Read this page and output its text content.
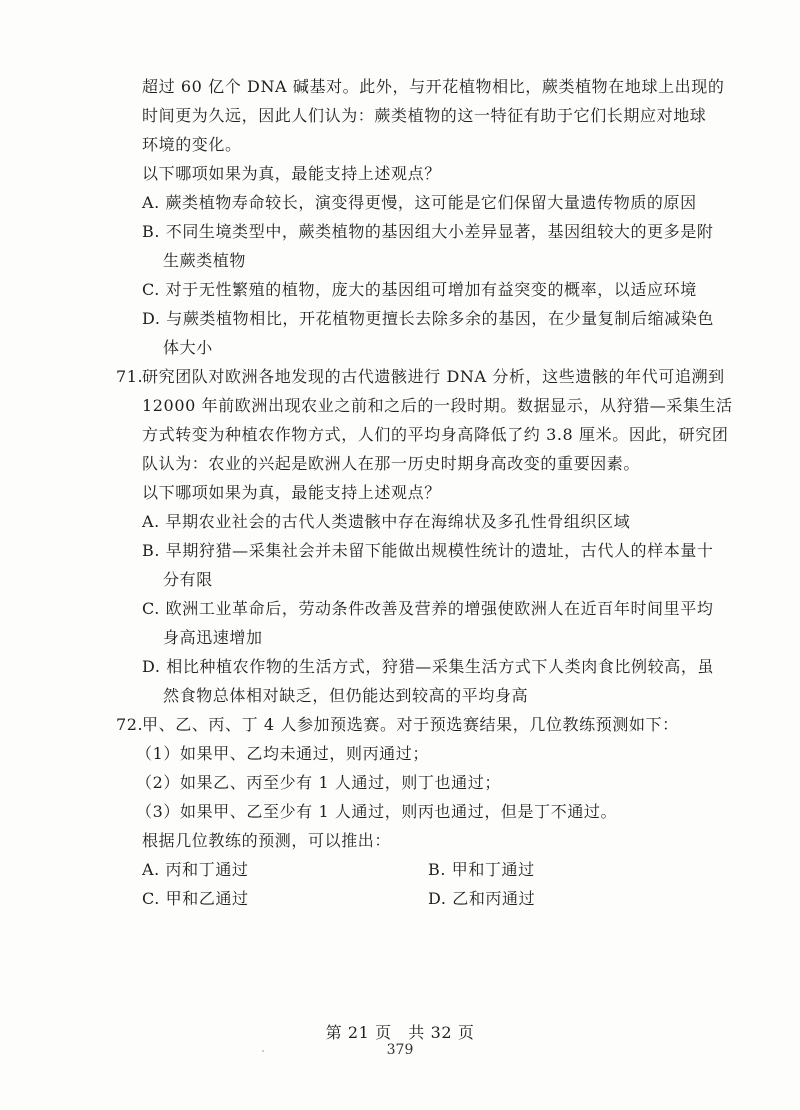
超过 60 亿个 DNA 碱基对。此外，与开花植物相比，蕨类植物在地球上出现的
时间更为久远，因此人们认为：蕨类植物的这一特征有助于它们长期应对地球
环境的变化。
以下哪项如果为真，最能支持上述观点？
A. 蕨类植物寿命较长，演变得更慢，这可能是它们保留大量遗传物质的原因
B. 不同生境类型中，蕨类植物的基因组大小差异显著，基因组较大的更多是附
生蕨类植物
C. 对于无性繁殖的植物，庞大的基因组可增加有益突变的概率，以适应环境
D. 与蕨类植物相比，开花植物更擅长去除多余的基因，在少量复制后缩减染色
体大小
71.研究团队对欧洲各地发现的古代遗骸进行 DNA 分析，这些遗骸的年代可追溯到
12000 年前欧洲出现农业之前和之后的一段时期。数据显示，从狩猎—采集生活
方式转变为种植农作物方式，人们的平均身高降低了约 3.8 厘米。因此，研究团
队认为：农业的兴起是欧洲人在那一历史时期身高改变的重要因素。
以下哪项如果为真，最能支持上述观点？
A. 早期农业社会的古代人类遗骸中存在海绵状及多孔性骨组织区域
B. 早期狩猎—采集社会并未留下能做出规模性统计的遗址，古代人的样本量十
分有限
C. 欧洲工业革命后，劳动条件改善及营养的增强使欧洲人在近百年时间里平均
身高迅速增加
D. 相比种植农作物的生活方式，狩猎—采集生活方式下人类肉食比例较高，虽
然食物总体相对缺乏，但仍能达到较高的平均身高
72.甲、乙、丙、丁 4 人参加预选赛。对于预选赛结果，几位教练预测如下：
（1）如果甲、乙均未通过，则丙通过；
（2）如果乙、丙至少有 1 人通过，则丁也通过；
（3）如果甲、乙至少有 1 人通过，则丙也通过，但是丁不通过。
根据几位教练的预测，可以推出：
A. 丙和丁通过	B. 甲和丁通过
C. 甲和乙通过	D. 乙和丙通过
第 21 页　共 32 页
379
